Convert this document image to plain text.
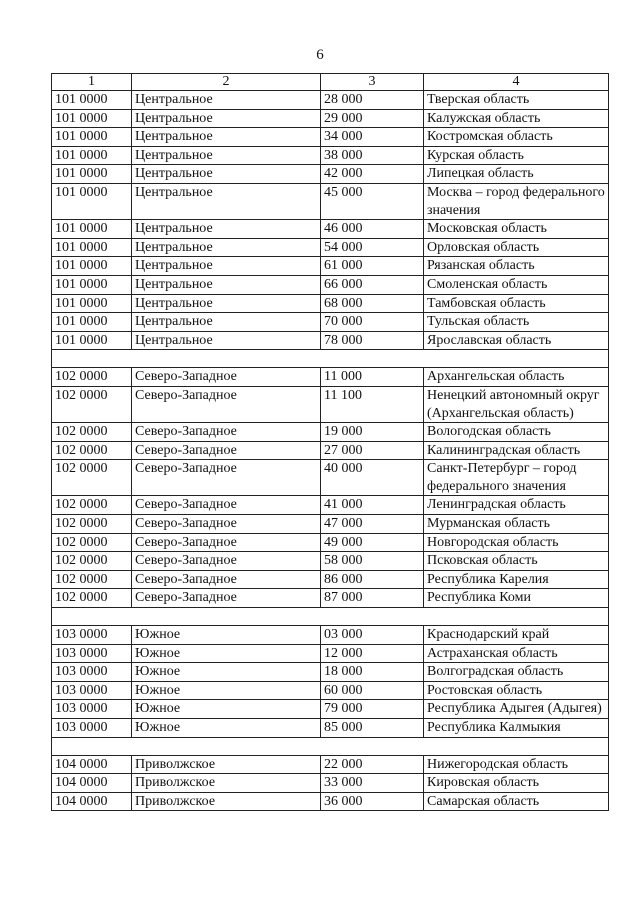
6
1	2	3	4
101 0000	Центральное	28 000	Тверская область
101 0000	Центральное	29 000	Калужская область
101 0000	Центральное	34 000	Костромская область
101 0000	Центральное	38 000	Курская область
101 0000	Центральное	42 000	Липецкая область
101 0000	Центральное	45 000	Москва – город федерального значения
101 0000	Центральное	46 000	Московская область
101 0000	Центральное	54 000	Орловская область
101 0000	Центральное	61 000	Рязанская область
101 0000	Центральное	66 000	Смоленская область
101 0000	Центральное	68 000	Тамбовская область
101 0000	Центральное	70 000	Тульская область
101 0000	Центральное	78 000	Ярославская область

102 0000	Северо-Западное	11 000	Архангельская область
102 0000	Северо-Западное	11 100	Ненецкий автономный округ (Архангельская область)
102 0000	Северо-Западное	19 000	Вологодская область
102 0000	Северо-Западное	27 000	Калининградская область
102 0000	Северо-Западное	40 000	Санкт-Петербург – город федерального значения
102 0000	Северо-Западное	41 000	Ленинградская область
102 0000	Северо-Западное	47 000	Мурманская область
102 0000	Северо-Западное	49 000	Новгородская область
102 0000	Северо-Западное	58 000	Псковская область
102 0000	Северо-Западное	86 000	Республика Карелия
102 0000	Северо-Западное	87 000	Республика Коми

103 0000	Южное	03 000	Краснодарский край
103 0000	Южное	12 000	Астраханская область
103 0000	Южное	18 000	Волгоградская область
103 0000	Южное	60 000	Ростовская область
103 0000	Южное	79 000	Республика Адыгея (Адыгея)
103 0000	Южное	85 000	Республика Калмыкия

104 0000	Приволжское	22 000	Нижегородская область
104 0000	Приволжское	33 000	Кировская область
104 0000	Приволжское	36 000	Самарская область
